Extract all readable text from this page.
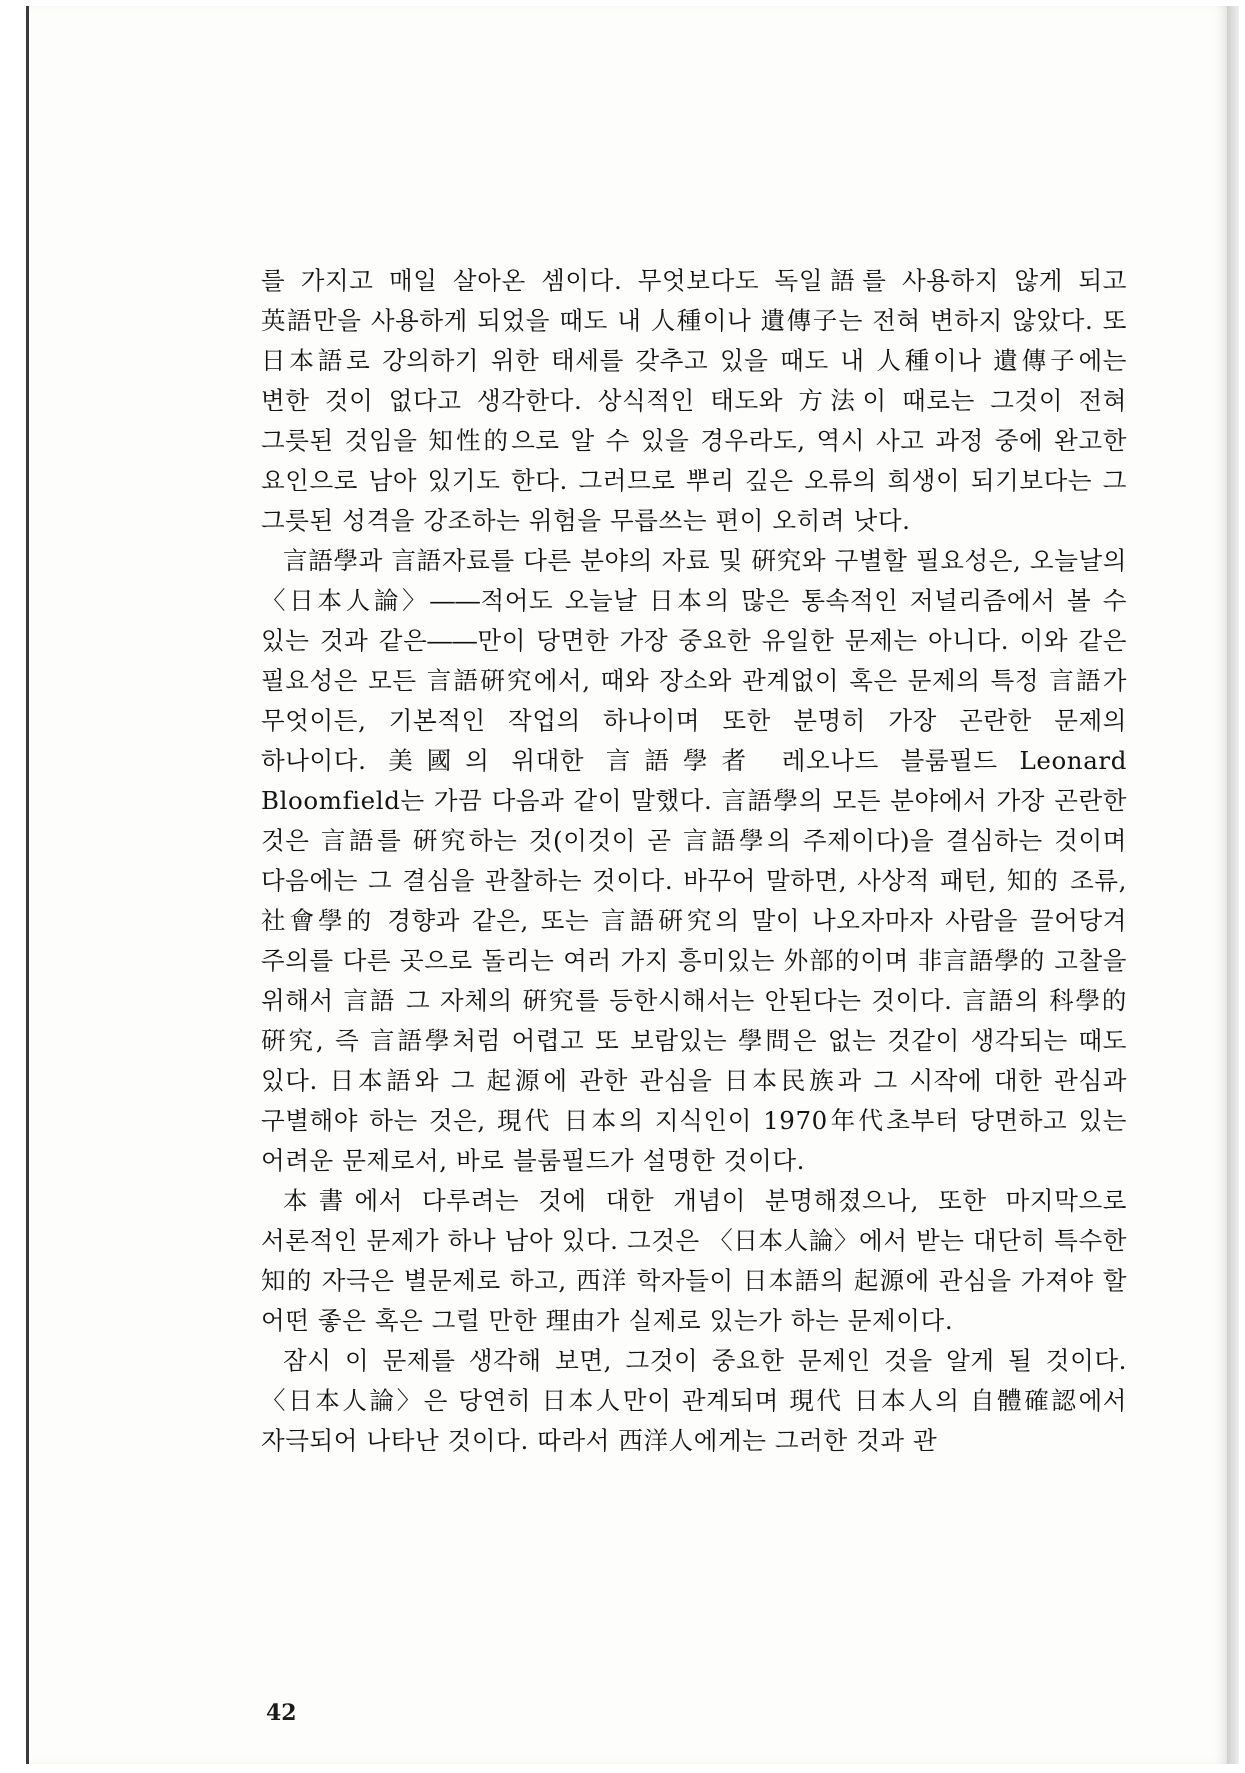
를 가지고 매일 살아온 셈이다. 무엇보다도 독일語를 사용하지 않게 되고 英語만을 사용하게 되었을 때도 내 人種이나 遺傳子는 전혀 변하지 않았다. 또 日本語로 강의하기 위한 태세를 갖추고 있을 때도 내 人種이나 遺傳子에는 변한 것이 없다고 생각한다. 상식적인 태도와 方法이 때로는 그것이 전혀 그릇된 것임을 知性的으로 알 수 있을 경우라도, 역시 사고 과정 중에 완고한 요인으로 남아 있기도 한다. 그러므로 뿌리 깊은 오류의 희생이 되기보다는 그 그릇된 성격을 강조하는 위험을 무릅쓰는 편이 오히려 낫다.

言語學과 言語자료를 다른 분야의 자료 및 硏究와 구별할 필요성은, 오늘날의 〈日本人論〉――적어도 오늘날 日本의 많은 통속적인 저널리즘에서 볼 수 있는 것과 같은――만이 당면한 가장 중요한 유일한 문제는 아니다. 이와 같은 필요성은 모든 言語硏究에서, 때와 장소와 관계없이 혹은 문제의 특정 言語가 무엇이든, 기본적인 작업의 하나이며 또한 분명히 가장 곤란한 문제의 하나이다. 美國의 위대한 言語學者 레오나드 블룸필드 Leonard Bloomfield는 가끔 다음과 같이 말했다. 言語學의 모든 분야에서 가장 곤란한 것은 言語를 硏究하는 것(이것이 곧 言語學의 주제이다)을 결심하는 것이며 다음에는 그 결심을 관찰하는 것이다. 바꾸어 말하면, 사상적 패턴, 知的 조류, 社會學的 경향과 같은, 또는 言語硏究의 말이 나오자마자 사람을 끌어당겨 주의를 다른 곳으로 돌리는 여러 가지 흥미있는 外部的이며 非言語學的 고찰을 위해서 言語 그 자체의 硏究를 등한시해서는 안된다는 것이다. 言語의 科學的 硏究, 즉 言語學처럼 어렵고 또 보람있는 學問은 없는 것같이 생각되는 때도 있다. 日本語와 그 起源에 관한 관심을 日本民族과 그 시작에 대한 관심과 구별해야 하는 것은, 現代 日本의 지식인이 1970年代초부터 당면하고 있는 어려운 문제로서, 바로 블룸필드가 설명한 것이다.

本書에서 다루려는 것에 대한 개념이 분명해졌으나, 또한 마지막으로 서론적인 문제가 하나 남아 있다. 그것은 〈日本人論〉에서 받는 대단히 특수한 知的 자극은 별문제로 하고, 西洋 학자들이 日本語의 起源에 관심을 가져야 할 어떤 좋은 혹은 그럴 만한 理由가 실제로 있는가 하는 문제이다.

잠시 이 문제를 생각해 보면, 그것이 중요한 문제인 것을 알게 될 것이다. 〈日本人論〉은 당연히 日本人만이 관계되며 現代 日本人의 自體確認에서 자극되어 나타난 것이다. 따라서 西洋人에게는 그러한 것과 관

42
